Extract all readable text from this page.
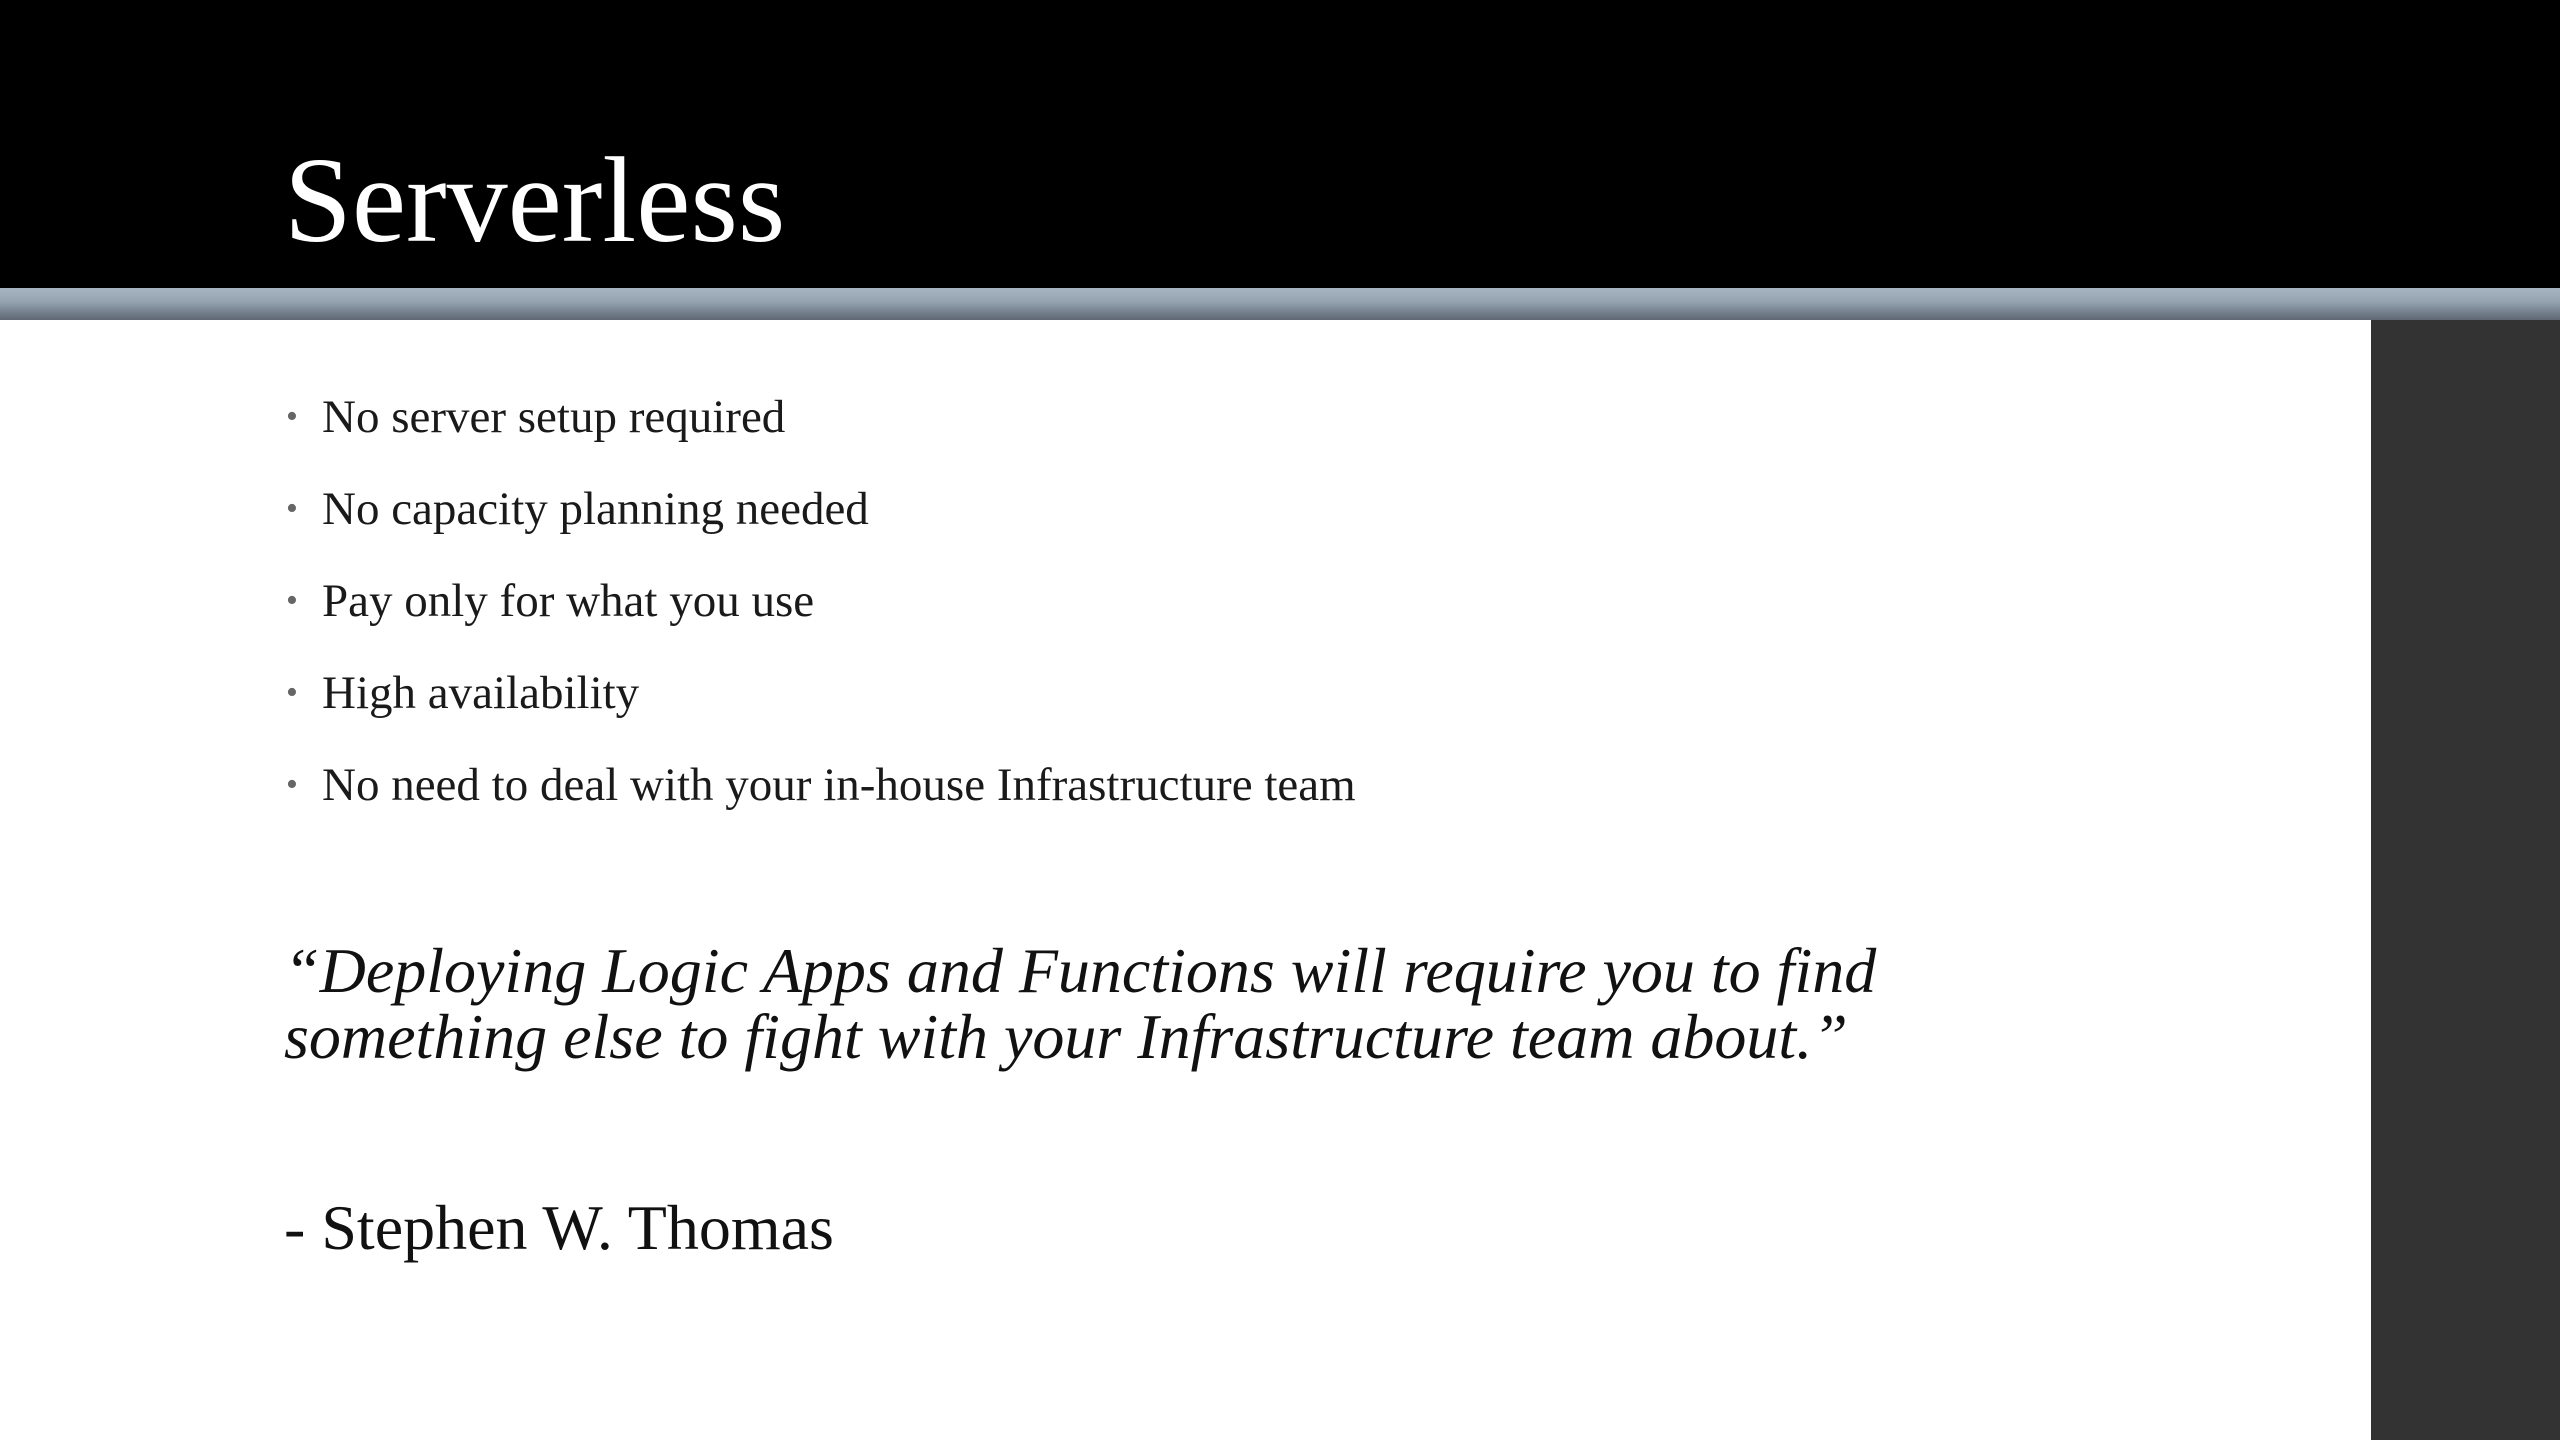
Serverless
• No server setup required
• No capacity planning needed
• Pay only for what you use
• High availability
• No need to deal with your in-house Infrastructure team

“Deploying Logic Apps and Functions will require you to find something else to fight with your Infrastructure team about.”

- Stephen W. Thomas
